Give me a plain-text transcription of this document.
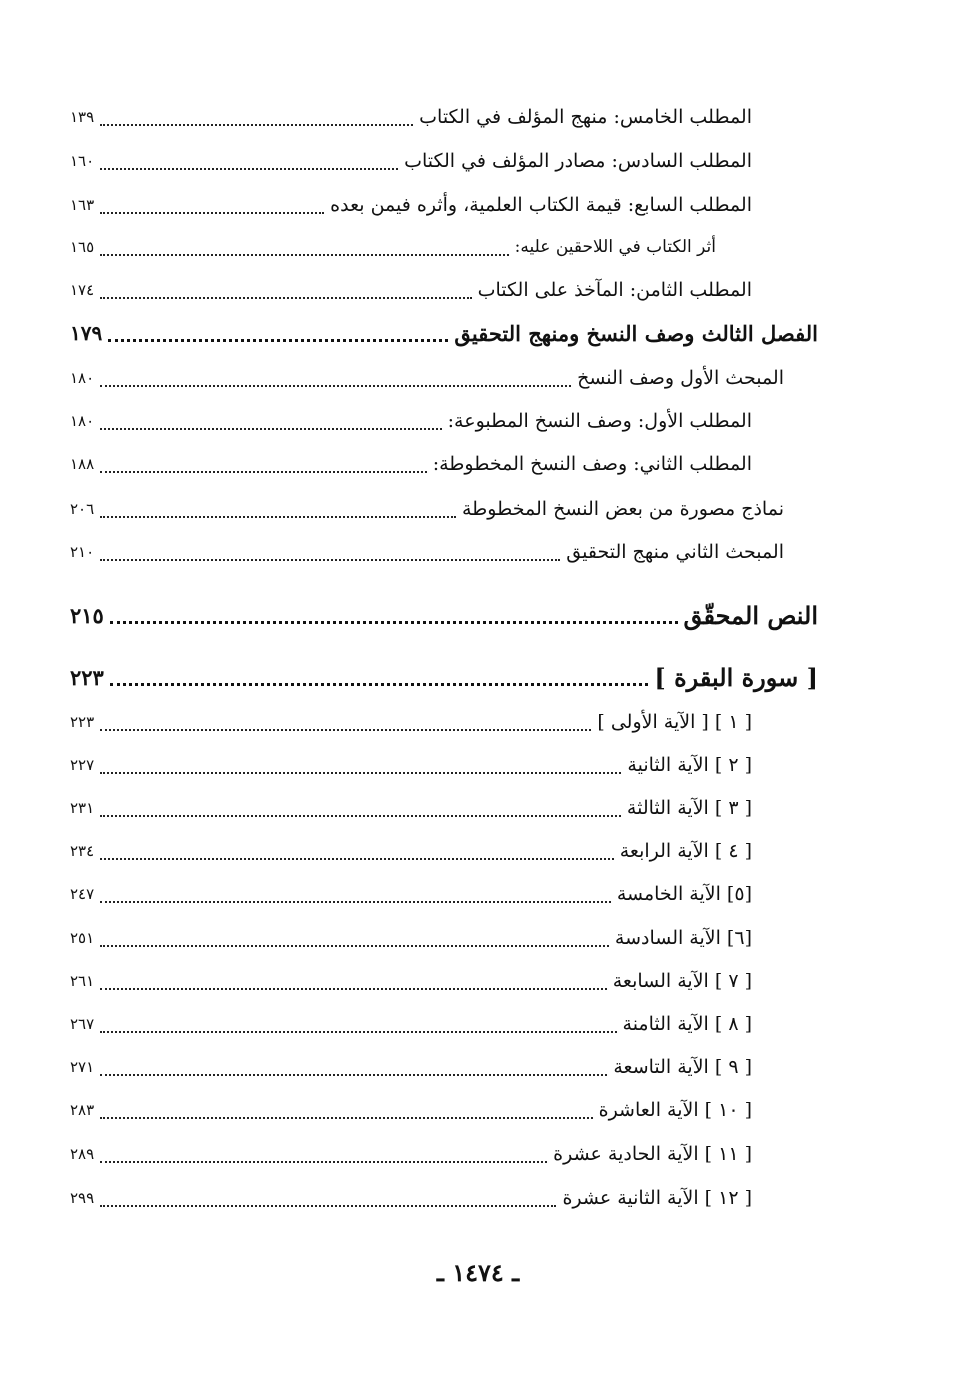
المطلب الخامس: منهج المؤلف في الكتاب
١٣٩
المطلب السادس: مصادر المؤلف في الكتاب
١٦٠
المطلب السابع: قيمة الكتاب العلمية، وأثره فيمن بعده
١٦٣
أثر الكتاب في اللاحقين عليه:
١٦٥
المطلب الثامن: المآخذ على الكتاب
١٧٤
الفصل الثالث وصف النسخ ومنهج التحقيق
١٧٩
المبحث الأول وصف النسخ
١٨٠
المطلب الأول: وصف النسخ المطبوعة:
١٨٠
المطلب الثاني: وصف النسخ المخطوطة:
١٨٨
نماذج مصورة من بعض النسخ المخطوطة
٢٠٦
المبحث الثاني منهج التحقيق
٢١٠
النص المحقّق
٢١٥
[ سورة البقرة ]
٢٢٣
[ ١ ] [ الآية الأولى ]
٢٢٣
[ ٢ ] الآية الثانية
٢٢٧
[ ٣ ] الآية الثالثة
٢٣١
[ ٤ ] الآية الرابعة
٢٣٤
[٥] الآية الخامسة
٢٤٧
[٦] الآية السادسة
٢٥١
[ ٧ ] الآية السابعة
٢٦١
[ ٨ ] الآية الثامنة
٢٦٧
[ ٩ ] الآية التاسعة
٢٧١
[ ١٠ ] الآية العاشرة
٢٨٣
[ ١١ ] الآية الحادية عشرة
٢٨٩
[ ١٢ ] الآية الثانية عشرة
٢٩٩
ـ ١٤٧٤ ـ
